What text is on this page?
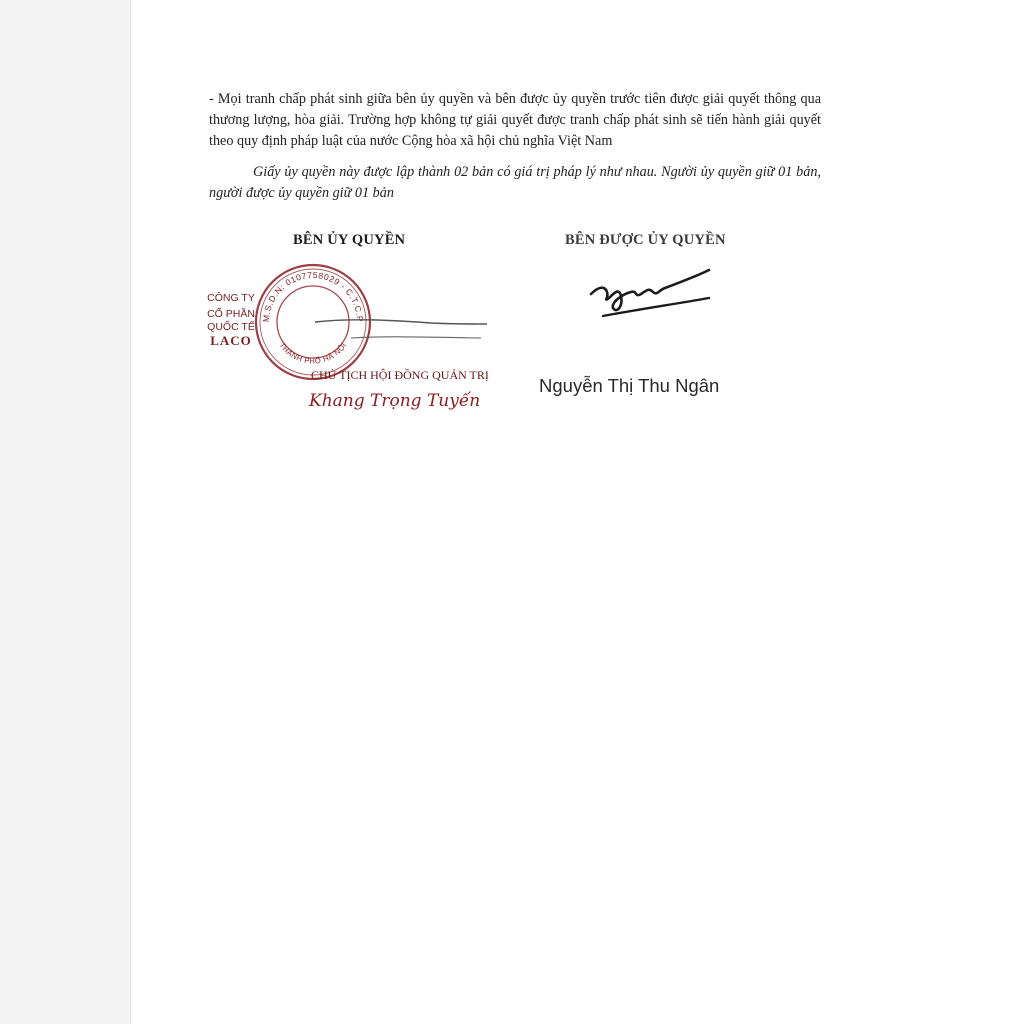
- Mọi tranh chấp phát sinh giữa bên ủy quyền và bên được ủy quyền trước tiên được giải quyết thông qua thương lượng, hòa giải. Trường hợp không tự giải quyết được tranh chấp phát sinh sẽ tiến hành giải quyết theo quy định pháp luật của nước Cộng hòa xã hội chủ nghĩa Việt Nam
Giấy ủy quyền này được lập thành 02 bản có giá trị pháp lý như nhau. Người ủy quyền giữ 01 bản, người được ủy quyền giữ 01 bản
BÊN ỦY QUYỀN	BÊN ĐƯỢC ỦY QUYỀN
M.S.D.N: 0107758029 - C.T.C.P
THÀNH PHỐ HÀ NỘI
CÔNG TY
CỔ PHẦN
QUỐC TẾ
LACO
CHỦ TỊCH HỘI ĐỒNG QUẢN TRỊ
Khang Trọng Tuyến
Nguyễn Thị Thu Ngân
